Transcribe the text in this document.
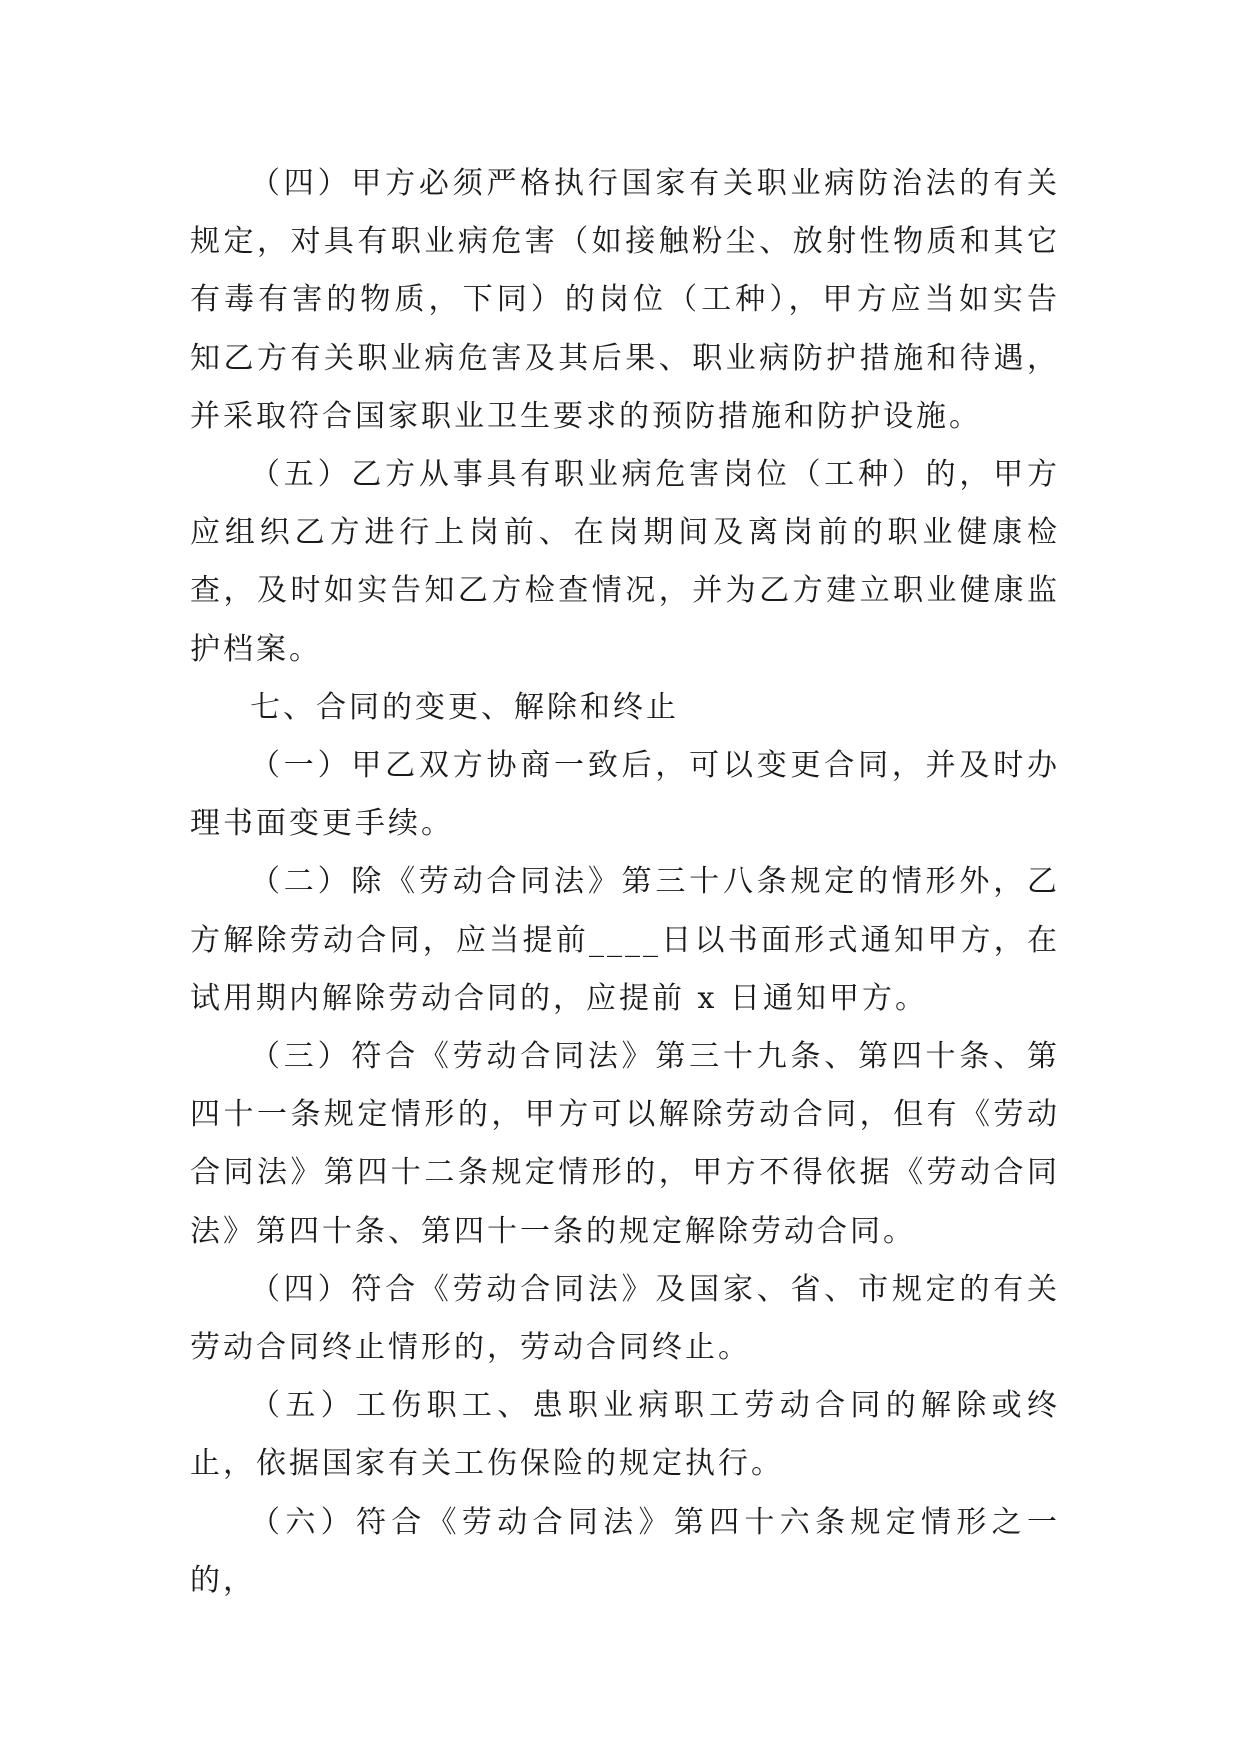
（四）甲方必须严格执行国家有关职业病防治法的有关规定，对具有职业病危害（如接触粉尘、放射性物质和其它有毒有害的物质，下同）的岗位（工种），甲方应当如实告知乙方有关职业病危害及其后果、职业病防护措施和待遇，并采取符合国家职业卫生要求的预防措施和防护设施。

（五）乙方从事具有职业病危害岗位（工种）的，甲方应组织乙方进行上岗前、在岗期间及离岗前的职业健康检查，及时如实告知乙方检查情况，并为乙方建立职业健康监护档案。

七、合同的变更、解除和终止

（一）甲乙双方协商一致后，可以变更合同，并及时办理书面变更手续。

（二）除《劳动合同法》第三十八条规定的情形外，乙方解除劳动合同，应当提前____日以书面形式通知甲方，在试用期内解除劳动合同的，应提前 x 日通知甲方。

（三）符合《劳动合同法》第三十九条、第四十条、第四十一条规定情形的，甲方可以解除劳动合同，但有《劳动合同法》第四十二条规定情形的，甲方不得依据《劳动合同法》第四十条、第四十一条的规定解除劳动合同。

（四）符合《劳动合同法》及国家、省、市规定的有关劳动合同终止情形的，劳动合同终止。

（五）工伤职工、患职业病职工劳动合同的解除或终止，依据国家有关工伤保险的规定执行。

（六）符合《劳动合同法》第四十六条规定情形之一的，
